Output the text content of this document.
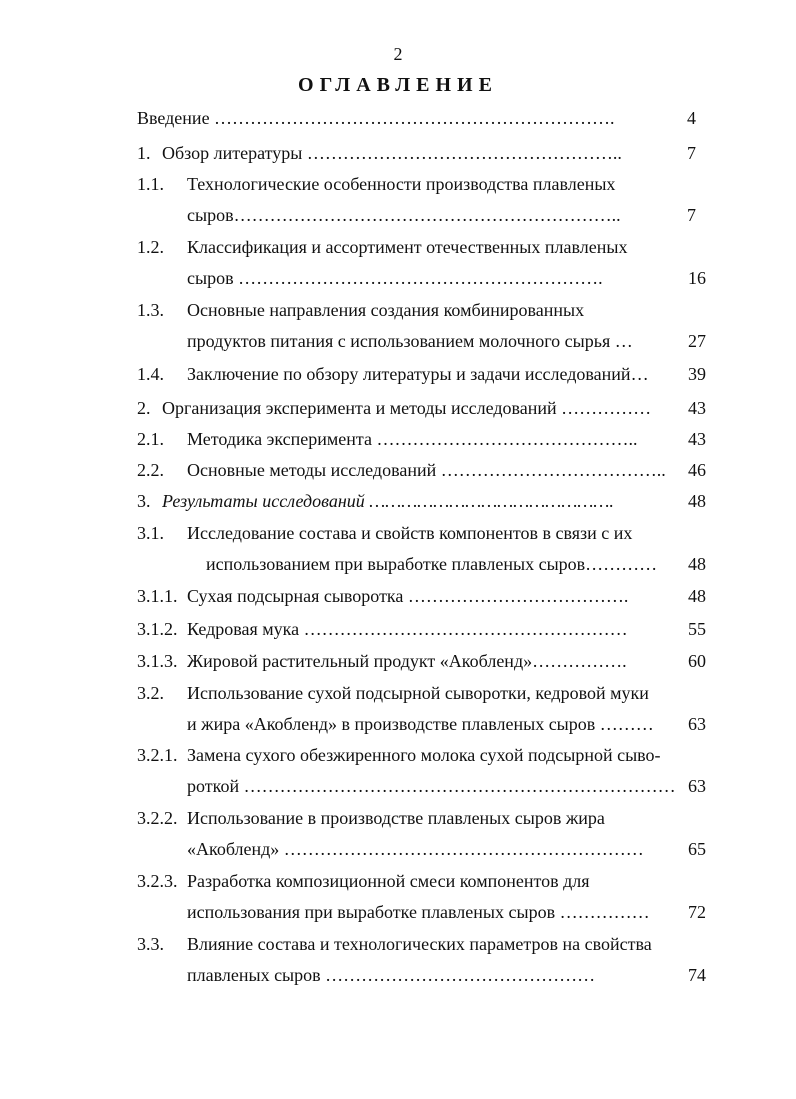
2
ОГЛАВЛЕНИЕ
Введение ………………………………………………………….	4
1. Обзор литературы ……………………………………………..	7
1.1. Технологические особенности производства плавленых
сыров………………………………………………………..	7
1.2. Классификация и ассортимент отечественных плавленых
сыров …………………………………………………….	16
1.3. Основные направления создания комбинированных
продуктов питания с использованием молочного сырья …	27
1.4. Заключение по обзору литературы и задачи исследований…	39
2. Организация эксперимента и методы исследований ……………	43
2.1. Методика эксперимента ……………………………………..	43
2.2. Основные методы исследований ………………………………..	46
3. Результаты исследований ……………………………………….	48
3.1. Исследование состава и свойств компонентов в связи с их
использованием при выработке плавленых сыров…………	48
3.1.1. Сухая подсырная сыворотка ……………………………….	48
3.1.2. Кедровая мука ………………………………………………	55
3.1.3. Жировой растительный продукт «Акобленд»…………….	60
3.2. Использование сухой подсырной сыворотки, кедровой муки
и жира «Акобленд» в производстве плавленых сыров ………	63
3.2.1. Замена сухого обезжиренного молока сухой подсырной сыво-
роткой ……………………………………………………………… 63
3.2.2. Использование в производстве плавленых сыров жира
«Акобленд» ……………………………………………………	65
3.2.3. Разработка композиционной смеси компонентов для
использования при выработке плавленых сыров ……………	72
3.3. Влияние состава и технологических параметров на свойства
плавленых сыров ………………………………………	74
